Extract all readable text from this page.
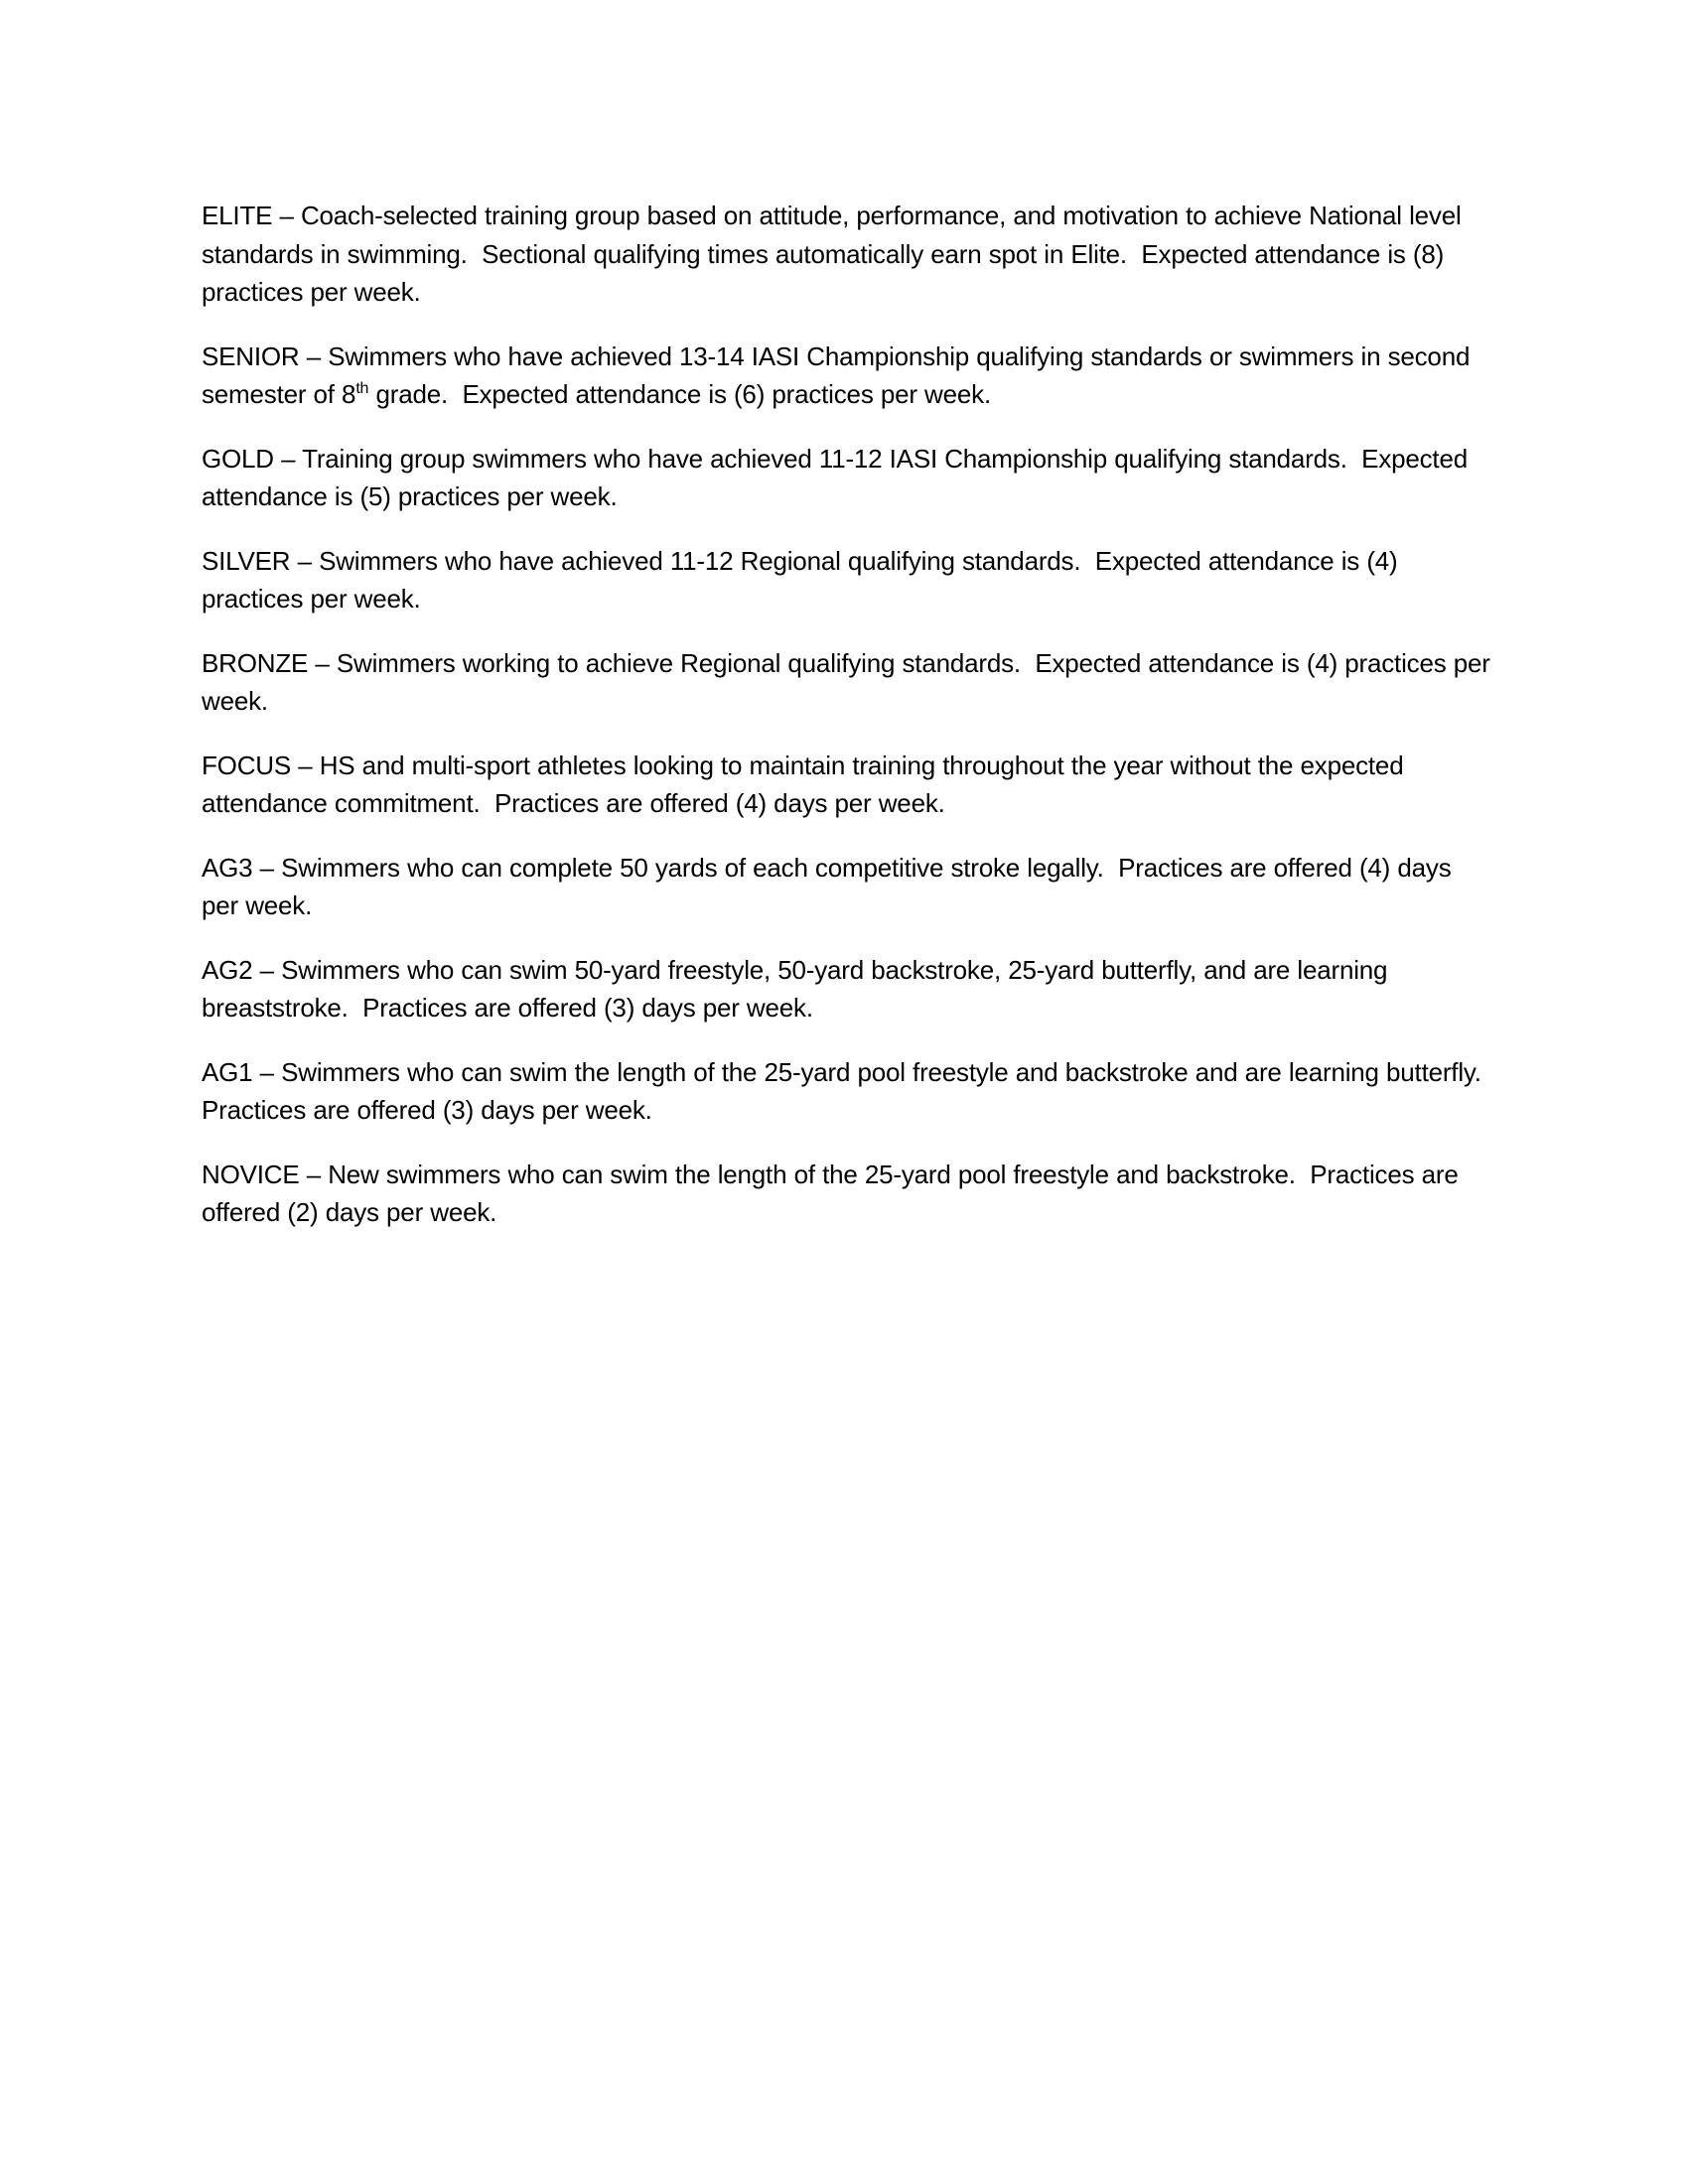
ELITE – Coach-selected training group based on attitude, performance, and motivation to achieve National level standards in swimming.  Sectional qualifying times automatically earn spot in Elite.  Expected attendance is (8) practices per week.

SENIOR – Swimmers who have achieved 13-14 IASI Championship qualifying standards or swimmers in second semester of 8th grade.  Expected attendance is (6) practices per week.

GOLD – Training group swimmers who have achieved 11-12 IASI Championship qualifying standards.  Expected attendance is (5) practices per week.

SILVER – Swimmers who have achieved 11-12 Regional qualifying standards.  Expected attendance is (4) practices per week.

BRONZE – Swimmers working to achieve Regional qualifying standards.  Expected attendance is (4) practices per week.

FOCUS – HS and multi-sport athletes looking to maintain training throughout the year without the expected attendance commitment.  Practices are offered (4) days per week.

AG3 – Swimmers who can complete 50 yards of each competitive stroke legally.  Practices are offered (4) days per week.

AG2 – Swimmers who can swim 50-yard freestyle, 50-yard backstroke, 25-yard butterfly, and are learning breaststroke.  Practices are offered (3) days per week.

AG1 – Swimmers who can swim the length of the 25-yard pool freestyle and backstroke and are learning butterfly.  Practices are offered (3) days per week.

NOVICE – New swimmers who can swim the length of the 25-yard pool freestyle and backstroke.  Practices are offered (2) days per week.
